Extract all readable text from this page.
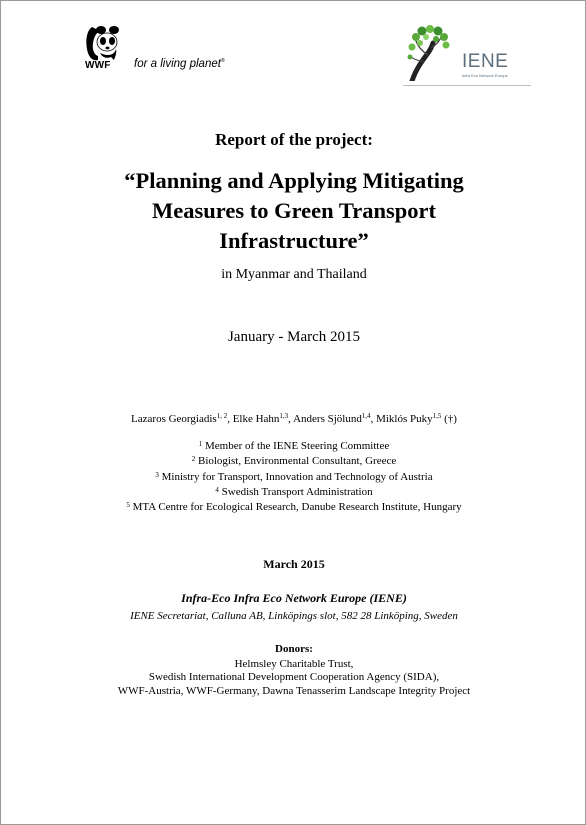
WWF for a living planet®	IENE
Infra Eco Network Europe
Report of the project:
“Planning and Applying Mitigating
Measures to Green Transport
Infrastructure”
in Myanmar and Thailand
January - March 2015
Lazaros Georgiadis$^{1, 2}$, Elke Hahn$^{1,3}$, Anders Sjölund$^{1,4}$, Miklós Puky$^{1,5}$ (†)
$^1$ Member of the IENE Steering Committee
$^2$ Biologist, Environmental Consultant, Greece
$^3$ Ministry for Transport, Innovation and Technology of Austria
$^4$ Swedish Transport Administration
$^5$ MTA Centre for Ecological Research, Danube Research Institute, Hungary
March 2015
Infra-Eco Infra Eco Network Europe (IENE)
IENE Secretariat, Calluna AB, Linköpings slot, 582 28 Linköping, Sweden
Donors:
Helmsley Charitable Trust,
Swedish International Development Cooperation Agency (SIDA),
WWF-Austria, WWF-Germany, Dawna Tenasserim Landscape Integrity Project
